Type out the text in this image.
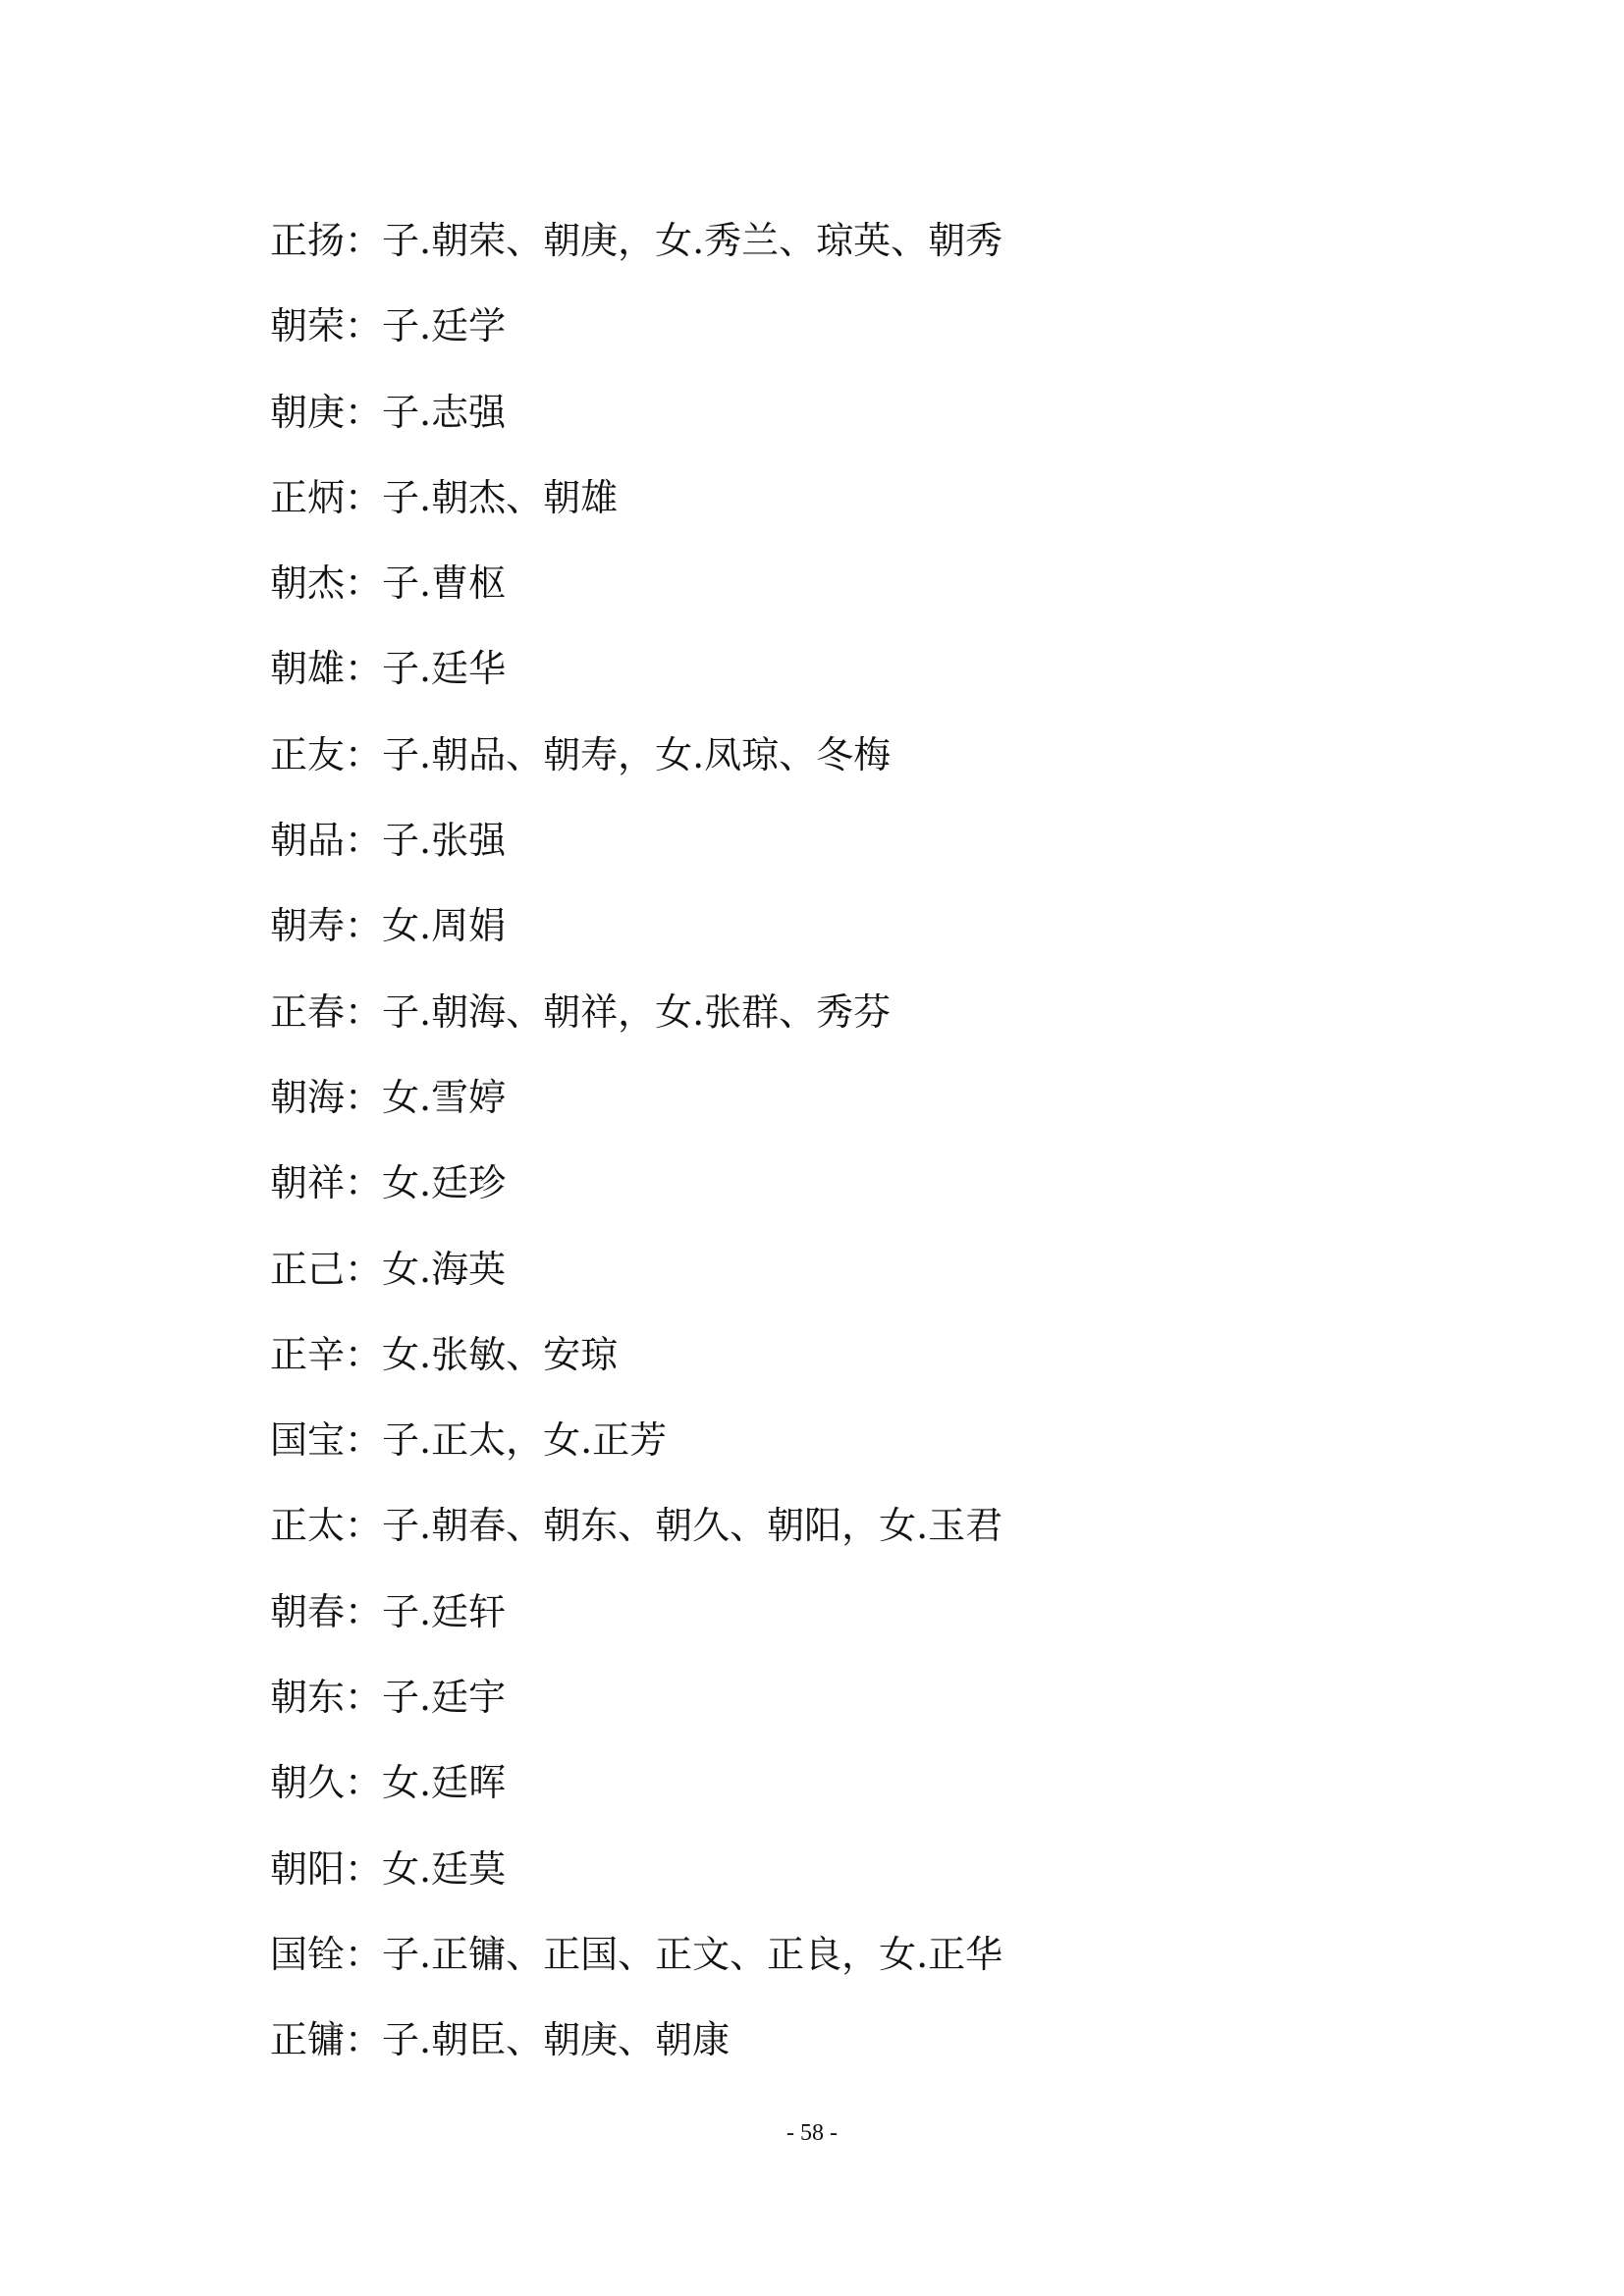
正扬：子.朝荣、朝庚，女.秀兰、琼英、朝秀
朝荣：子.廷学
朝庚：子.志强
正炳：子.朝杰、朝雄
朝杰：子.曹枢
朝雄：子.廷华
正友：子.朝品、朝寿，女.凤琼、冬梅
朝品：子.张强
朝寿：女.周娟
正春：子.朝海、朝祥，女.张群、秀芬
朝海：女.雪婷
朝祥：女.廷珍
正己：女.海英
正辛：女.张敏、安琼
国宝：子.正太，女.正芳
正太：子.朝春、朝东、朝久、朝阳，女.玉君
朝春：子.廷轩
朝东：子.廷宇
朝久：女.廷晖
朝阳：女.廷莫
国铨：子.正镛、正国、正文、正良，女.正华
正镛：子.朝臣、朝庚、朝康
- 58 -
